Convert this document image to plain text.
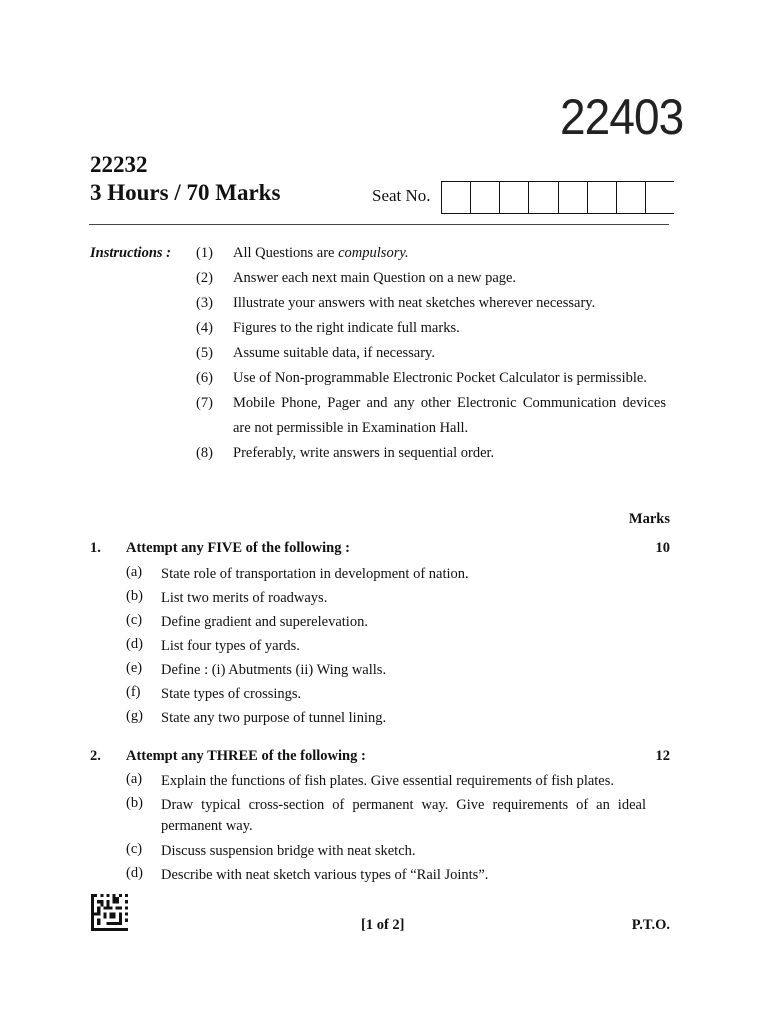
22403
22232
3 Hours / 70 Marks	Seat No.
Instructions : (1)	All Questions are compulsory.
(2)	Answer each next main Question on a new page.
(3)	Illustrate your answers with neat sketches wherever necessary.
(4)	Figures to the right indicate full marks.
(5)	Assume suitable data, if necessary.
(6)	Use of Non-programmable Electronic Pocket Calculator is permissible.
(7)	Mobile Phone, Pager and any other Electronic Communication devices are not permissible in Examination Hall.
(8)	Preferably, write answers in sequential order.
Marks
1.	Attempt any FIVE of the following :	10
(a)	State role of transportation in development of nation.
(b)	List two merits of roadways.
(c)	Define gradient and superelevation.
(d)	List four types of yards.
(e)	Define : (i) Abutments (ii) Wing walls.
(f)	State types of crossings.
(g)	State any two purpose of tunnel lining.
2.	Attempt any THREE of the following :	12
(a)	Explain the functions of fish plates. Give essential requirements of fish plates.
(b)	Draw typical cross-section of permanent way. Give requirements of an ideal permanent way.
(c)	Discuss suspension bridge with neat sketch.
(d)	Describe with neat sketch various types of “Rail Joints”.
[1 of 2]	P.T.O.
